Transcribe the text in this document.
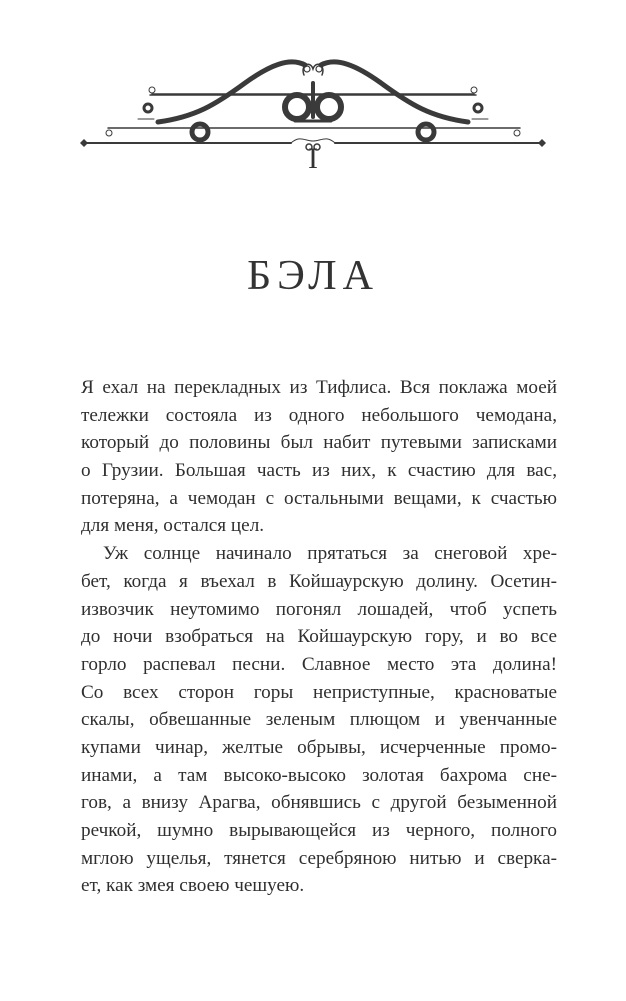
I
БЭЛА
Я ехал на перекладных из Тифлиса. Вся поклажа моей
тележки состояла из одного небольшого чемодана,
который до половины был набит путевыми записками
о Грузии. Большая часть из них, к счастию для вас,
потеряна, а чемодан с остальными вещами, к счастью
для меня, остался цел.
Уж солнце начинало прятаться за снеговой хре-
бет, когда я въехал в Койшаурскую долину. Осетин-
извозчик неутомимо погонял лошадей, чтоб успеть
до ночи взобраться на Койшаурскую гору, и во все
горло распевал песни. Славное место эта долина!
Со всех сторон горы неприступные, красноватые
скалы, обвешанные зеленым плющом и увенчанные
купами чинар, желтые обрывы, исчерченные промо-
инами, а там высоко-высоко золотая бахрома сне-
гов, а внизу Арагва, обнявшись с другой безыменной
речкой, шумно вырывающейся из черного, полного
мглою ущелья, тянется серебряною нитью и сверка-
ет, как змея своею чешуею.
